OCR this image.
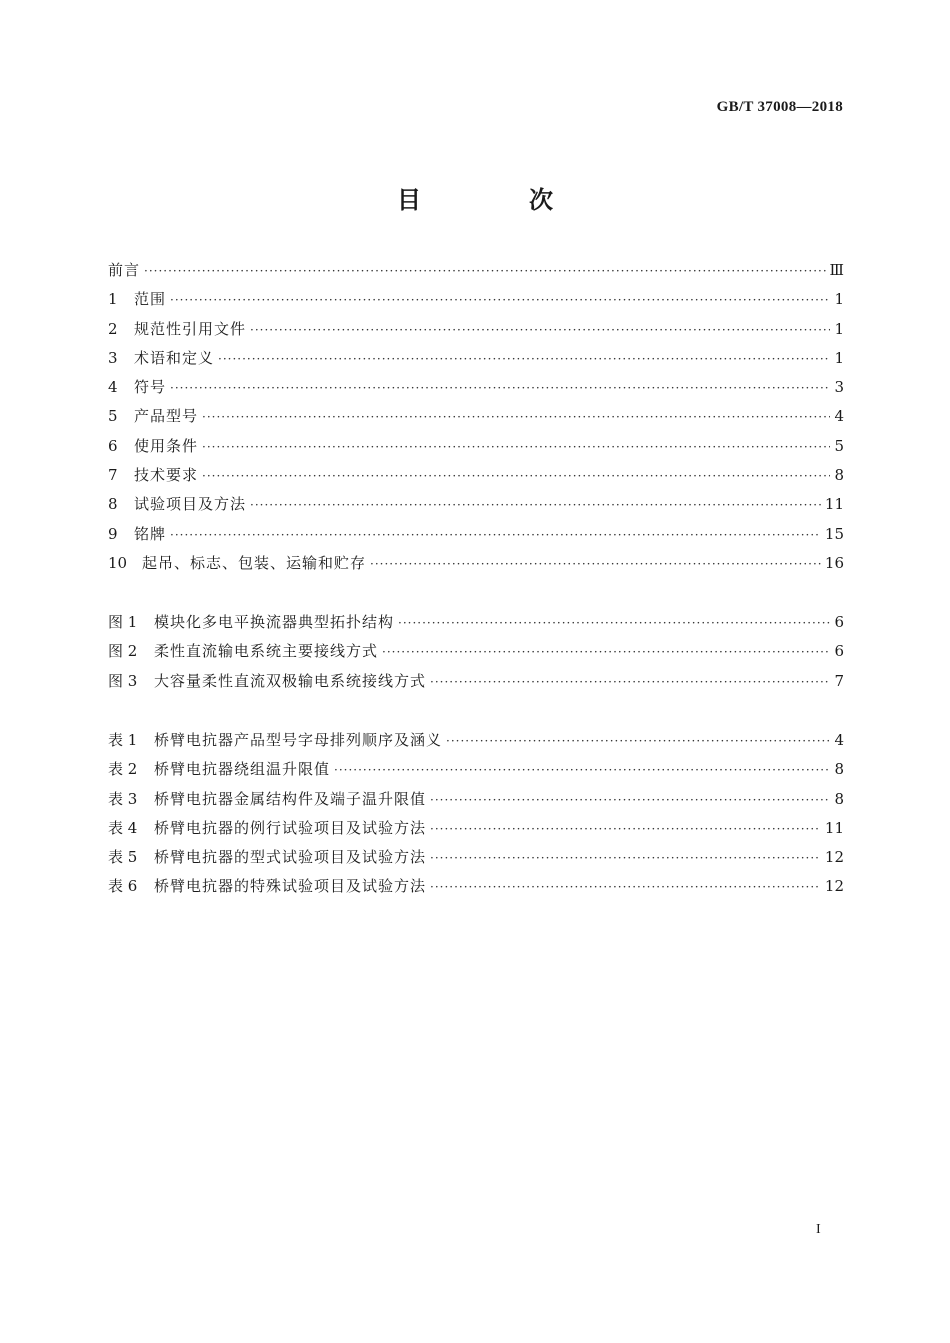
GB/T 37008—2018
目　次
前言 ·····	Ⅲ
1	范围 ·····	1
2	规范性引用文件 ·····	1
3	术语和定义 ·····	1
4	符号 ·····	3
5	产品型号 ·····	4
6	使用条件 ·····	5
7	技术要求 ·····	8
8	试验项目及方法 ·····	11
9	铭牌 ·····	15
10 起吊、标志、包装、运输和贮存 ·····	16
图 1	模块化多电平换流器典型拓扑结构 ·····	6
图 2	柔性直流输电系统主要接线方式 ·····	6
图 3	大容量柔性直流双极输电系统接线方式 ·····	7
表 1	桥臂电抗器产品型号字母排列顺序及涵义 ·····	4
表 2	桥臂电抗器绕组温升限值 ·····	8
表 3	桥臂电抗器金属结构件及端子温升限值 ·····	8
表 4	桥臂电抗器的例行试验项目及试验方法 ·····	11
表 5	桥臂电抗器的型式试验项目及试验方法 ·····	12
表 6	桥臂电抗器的特殊试验项目及试验方法 ·····	12
I
